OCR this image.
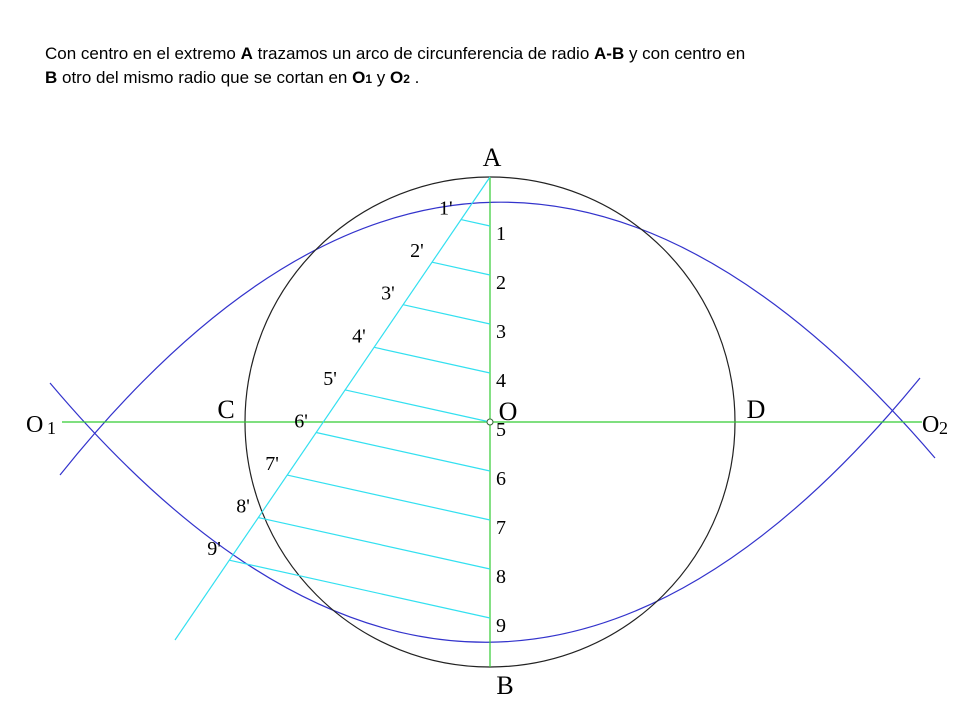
Con centro en el extremo A trazamos un arco de circunferencia de radio A-B y con centro en
B otro del mismo radio que se cortan en O1 y O2 .
1
2
3
4
5
6
7
8
9
1'
2'
3'
4'
5'
6'
7'
8'
9'
A
B
C	D
O
O 1	O 2
